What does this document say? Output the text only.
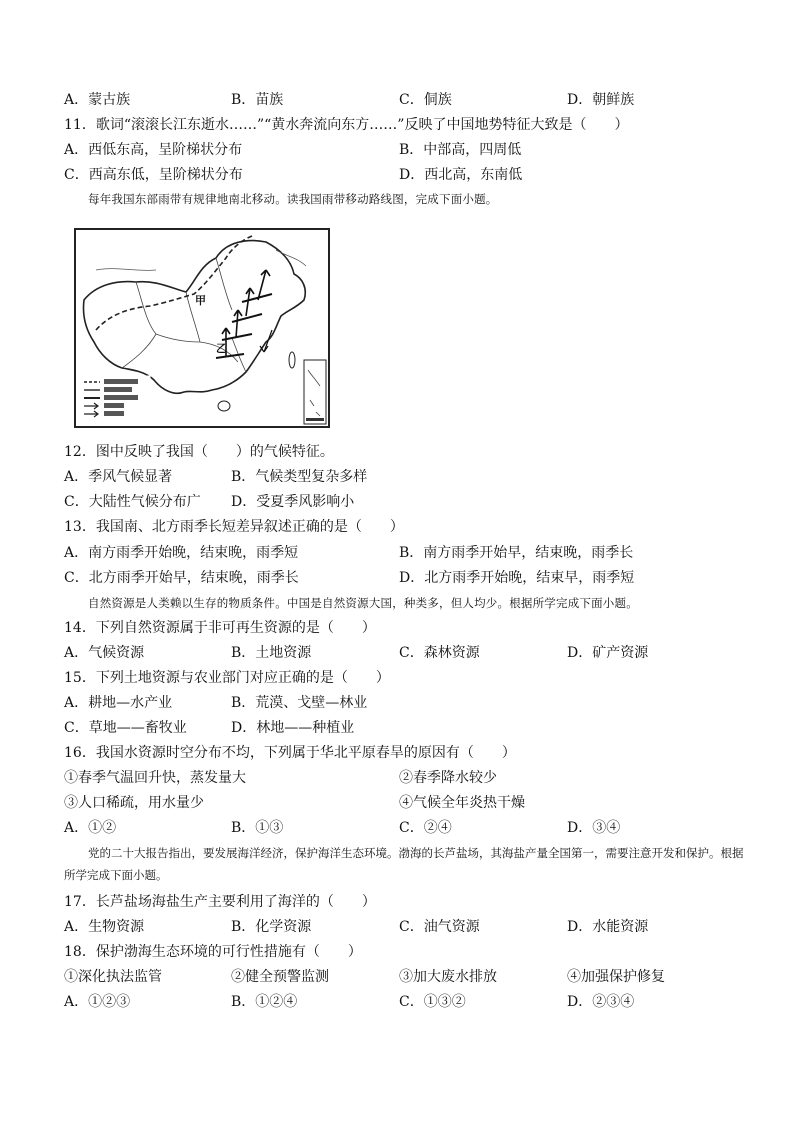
A．蒙古族	B．苗族	C．侗族	D．朝鲜族
11．歌词“滚滚长江东逝水……”“黄水奔流向东方……”反映了中国地势特征大致是（　　）
A．西低东高，呈阶梯状分布	B．中部高，四周低
C．西高东低，呈阶梯状分布	D．西北高，东南低
每年我国东部雨带有规律地南北移动。读我国雨带移动路线图，完成下面小题。
甲
乙
12．图中反映了我国（　　）的气候特征。
A．季风气候显著	B．气候类型复杂多样
C．大陆性气候分布广 D．受夏季风影响小
13．我国南、北方雨季长短差异叙述正确的是（　　）
A．南方雨季开始晚，结束晚，雨季短	B．南方雨季开始早，结束晚，雨季长
C．北方雨季开始早，结束晚，雨季长	D．北方雨季开始晚，结束早，雨季短
自然资源是人类赖以生存的物质条件。中国是自然资源大国，种类多，但人均少。根据所学完成下面小题。
14．下列自然资源属于非可再生资源的是（　　）
A．气候资源	B．土地资源	C．森林资源	D．矿产资源
15．下列土地资源与农业部门对应正确的是（　　）
A．耕地—水产业	B．荒漠、戈壁—林业
C．草地——畜牧业	D．林地——种植业
16．我国水资源时空分布不均，下列属于华北平原春旱的原因有（　　）
①春季气温回升快，蒸发量大	②春季降水较少
③人口稀疏，用水量少	④气候全年炎热干燥
A．①②	B．①③	C．②④	D．③④
党的二十大报告指出，要发展海洋经济，保护海洋生态环境。渤海的长芦盐场，其海盐产量全国第一，需要注意开发和保护。根据所学完成下面小题。
17．长芦盐场海盐生产主要利用了海洋的（　　）
A．生物资源	B．化学资源	C．油气资源	D．水能资源
18．保护渤海生态环境的可行性措施有（　　）
①深化执法监管	②健全预警监测	③加大废水排放	④加强保护修复
A．①②③	B．①②④	C．①③②	D．②③④
